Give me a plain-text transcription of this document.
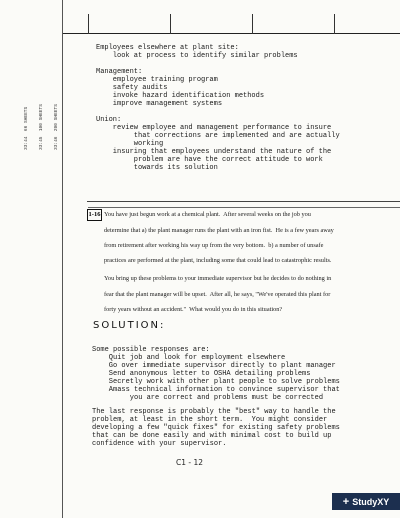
33:44  66 SHEETS

33:45  100 SHEETS

33:46  200 SHEETS

Employees elsewhere at plant site:
look at process to identify similar problems
Management:
employee training program
safety audits
invoke hazard identification methods
improve management systems
Union:
review employee and management performance to insure
that corrections are implemented and are actually
working
insuring that employees understand the nature of the
problem are have the correct attitude to work
towards its solution
1-16 You have just begun work at a chemical plant.  After several weeks on the job you

determine that a) the plant manager runs the plant with an iron fist.  He is a few years away

from retirement after working his way up from the very bottom.  b) a number of unsafe

practices are performed at the plant, including some that could lead to catastrophic results.

You bring up these problems to your immediate supervisor but he decides to do nothing in

fear that the plant manager will be upset.  After all, he says, "We've operated this plant for

forty years without an accident."  What would you do in this situation?

SOLUTION:
Some possible responses are:
Quit job and look for employment elsewhere
Go over immediate supervisor directly to plant manager
Send anonymous letter to OSHA detailing problems
Secretly work with other plant people to solve problems
Amass technical information to convince supervisor that
you are correct and problems must be corrected
The last response is probably the "best" way to handle the
problem, at least in the short term.  You might consider
developing a few "quick fixes" for existing safety problems
that can be done easily and with minimal cost to build up
confidence with your supervisor.
C1 - 12
+ StudyXY
